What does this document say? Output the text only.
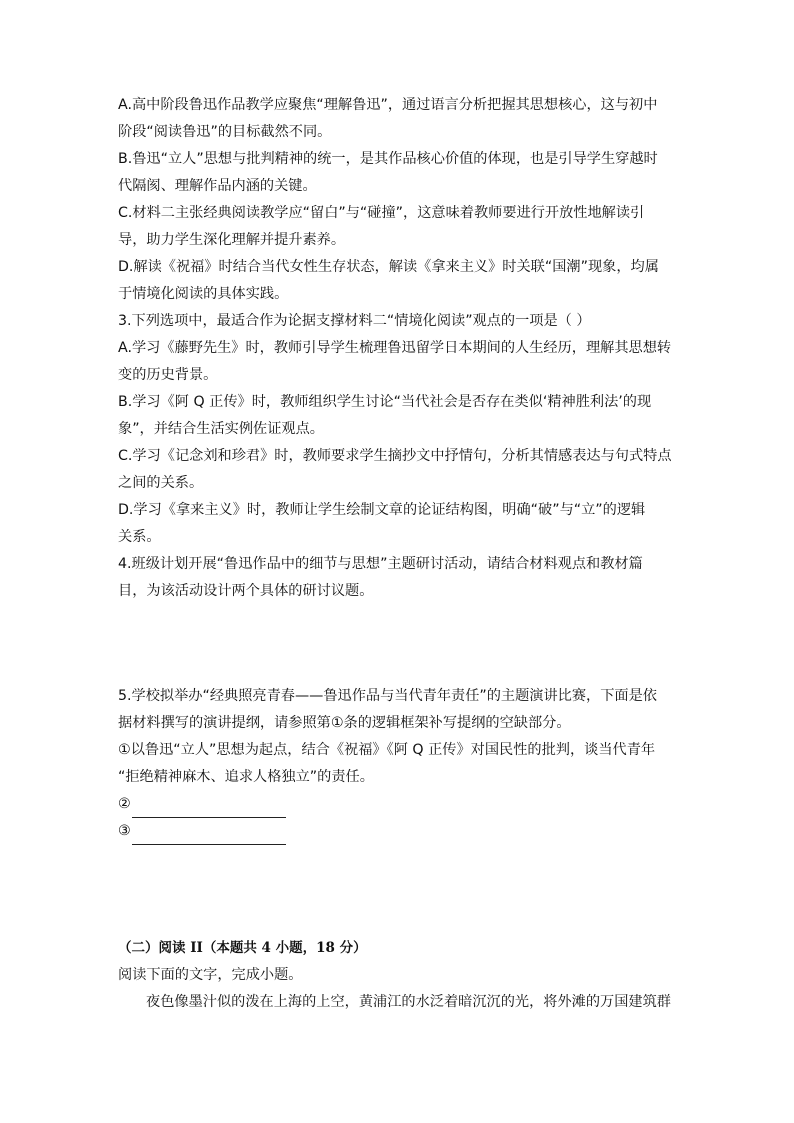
A.高中阶段鲁迅作品教学应聚焦“理解鲁迅”，通过语言分析把握其思想核心，这与初中

阶段“阅读鲁迅”的目标截然不同。

B.鲁迅“立人”思想与批判精神的统一，是其作品核心价值的体现，也是引导学生穿越时

代隔阂、理解作品内涵的关键。

C.材料二主张经典阅读教学应“留白”与“碰撞”，这意味着教师要进行开放性地解读引

导，助力学生深化理解并提升素养。

D.解读《祝福》时结合当代女性生存状态，解读《拿来主义》时关联“国潮”现象，均属

于情境化阅读的具体实践。

3.下列选项中，最适合作为论据支撑材料二“情境化阅读”观点的一项是（ ）

A.学习《藤野先生》时，教师引导学生梳理鲁迅留学日本期间的人生经历，理解其思想转

变的历史背景。

B.学习《阿 Q 正传》时，教师组织学生讨论“当代社会是否存在类似‘精神胜利法’的现

象”，并结合生活实例佐证观点。

C.学习《记念刘和珍君》时，教师要求学生摘抄文中抒情句，分析其情感表达与句式特点

之间的关系。

D.学习《拿来主义》时，教师让学生绘制文章的论证结构图，明确“破”与“立”的逻辑

关系。

4.班级计划开展“鲁迅作品中的细节与思想”主题研讨活动，请结合材料观点和教材篇

目，为该活动设计两个具体的研讨议题。

5.学校拟举办“经典照亮青春——鲁迅作品与当代青年责任”的主题演讲比赛，下面是依

据材料撰写的演讲提纲，请参照第①条的逻辑框架补写提纲的空缺部分。

①以鲁迅“立人”思想为起点，结合《祝福》《阿 Q 正传》对国民性的批判，谈当代青年

“拒绝精神麻木、追求人格独立”的责任。

②

③

（二）阅读 II（本题共 4 小题，18 分）

阅读下面的文字，完成小题。

夜色像墨汁似的泼在上海的上空，黄浦江的水泛着暗沉沉的光，将外滩的万国建筑群
